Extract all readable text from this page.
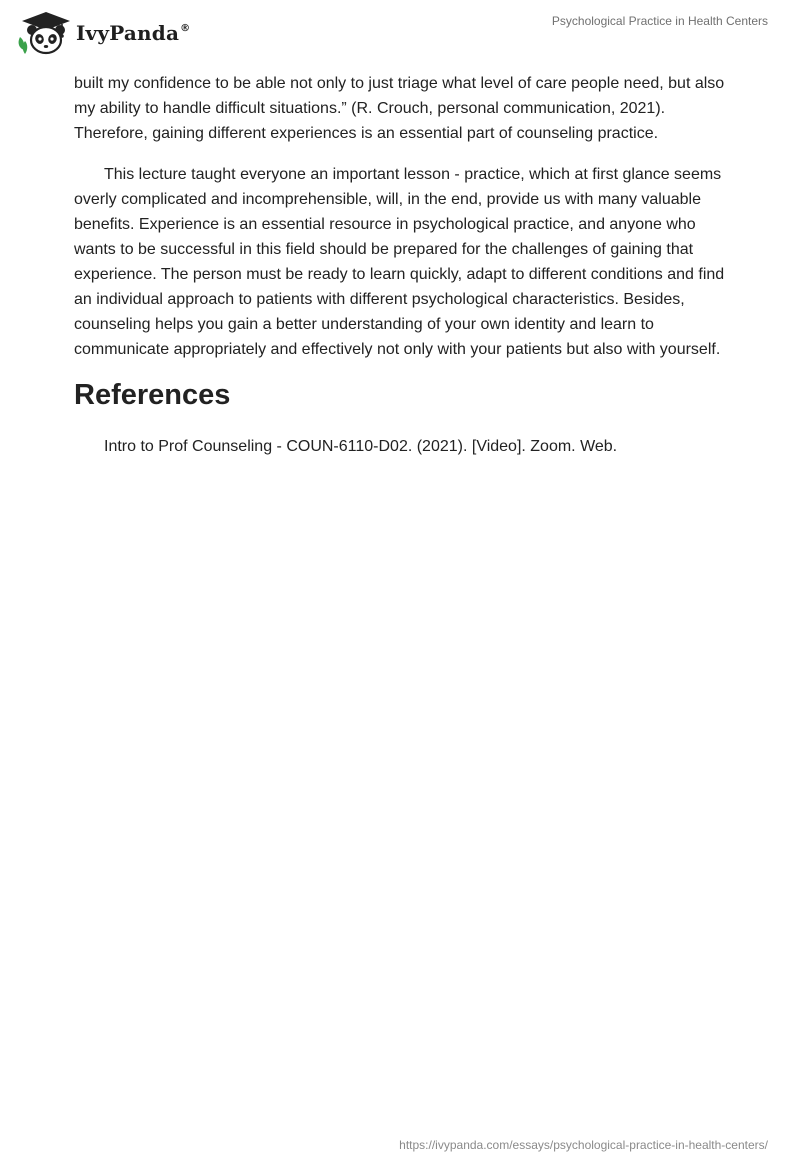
IvyPanda®
Psychological Practice in Health Centers

built my confidence to be able not only to just triage what level of care people need, but also my ability to handle difficult situations.” (R. Crouch, personal communication, 2021). Therefore, gaining different experiences is an essential part of counseling practice.

This lecture taught everyone an important lesson - practice, which at first glance seems overly complicated and incomprehensible, will, in the end, provide us with many valuable benefits. Experience is an essential resource in psychological practice, and anyone who wants to be successful in this field should be prepared for the challenges of gaining that experience. The person must be ready to learn quickly, adapt to different conditions and find an individual approach to patients with different psychological characteristics. Besides, counseling helps you gain a better understanding of your own identity and learn to communicate appropriately and effectively not only with your patients but also with yourself.

References

Intro to Prof Counseling - COUN-6110-D02. (2021). [Video]. Zoom. Web.

https://ivypanda.com/essays/psychological-practice-in-health-centers/
